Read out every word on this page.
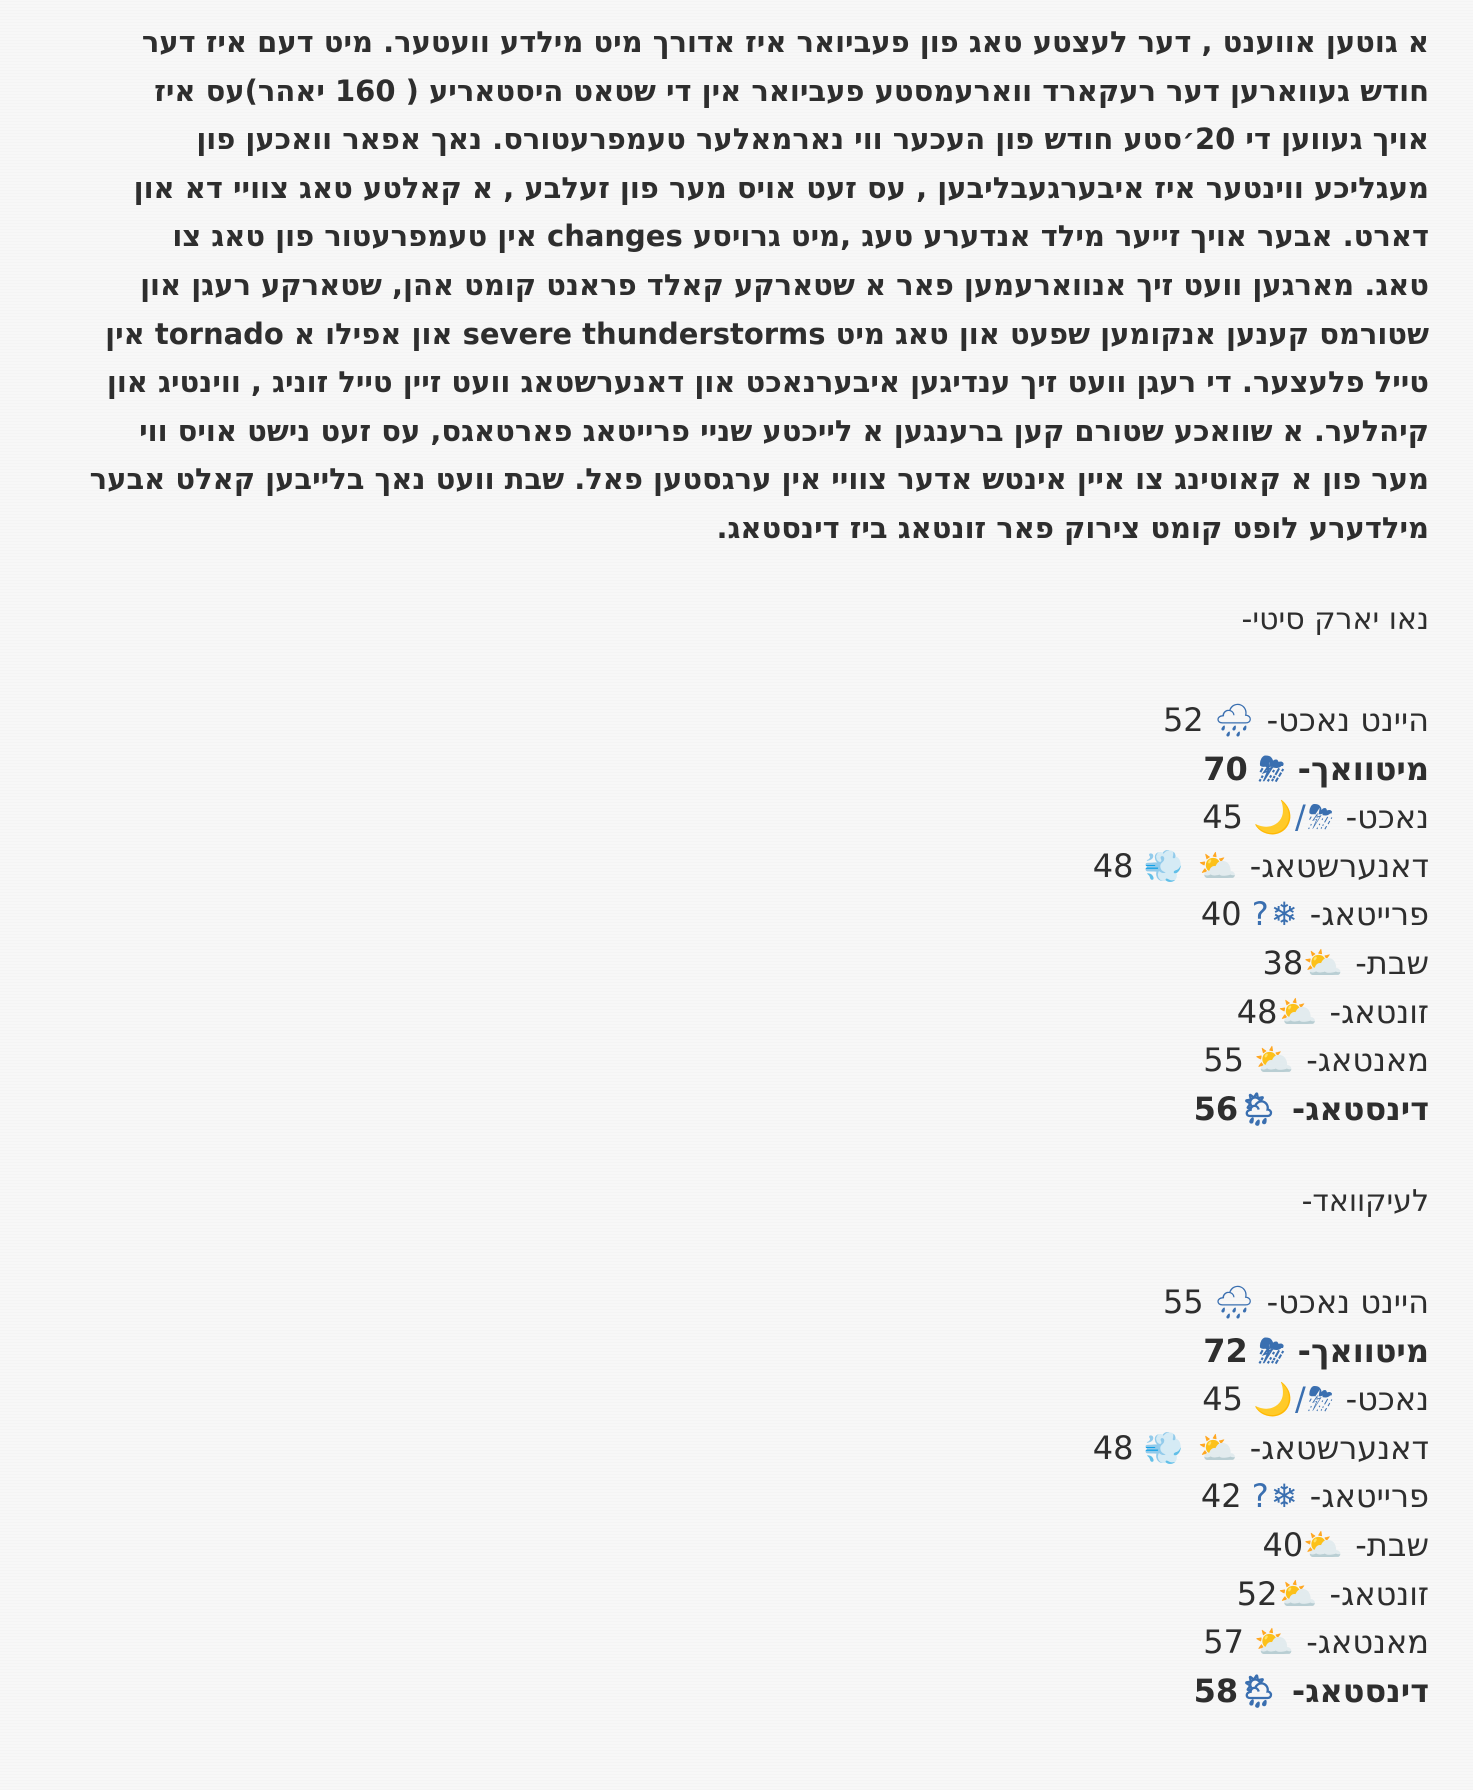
א גוטען אווענט , דער לעצטע טאג פון פעביואר איז אדורך מיט מילדע וועטער. מיט דעם איז דער
חודש געווארען דער רעקארד ווארעמסטע פעביואר אין די שטאט היסטאריע ( 160 יאהר)עס איז
אויך געווען די 20׳סטע חודש פון העכער ווי נארמאלער טעמפרעטורס. נאך אפאר וואכען פון
מעגליכע ווינטער איז איבערגעבליבען , עס זעט אויס מער פון זעלבע , א קאלטע טאג צוויי דא און
דארט. אבער אויך זייער מילד אנדערע טעג ,מיט גרויסע changes אין טעמפרעטור פון טאג צו
טאג. מארגען וועט זיך אנווארעמען פאר א שטארקע קאלד פראנט קומט אהן, שטארקע רעגן און
שטורמס קענען אנקומען שפעט און טאג מיט severe thunderstorms און אפילו א tornado אין
טייל פלעצער. די רעגן וועט זיך ענדיגען איבערנאכט און דאנערשטאג וועט זיין טייל זוניג , ווינטיג און
קיהלער. א שוואכע שטורם קען ברענגען א לייכטע שניי פרייטאג פארטאגס, עס זעט נישט אויס ווי
מער פון א קאוטינג צו איין אינטש אדער צוויי אין ערגסטען פאל. שבת וועט נאך בלייבען קאלט אבער
מילדערע לופט קומט צירוק פאר זונטאג ביז דינסטאג.
נאו יארק סיטי-
היינט נאכט- 🌧 52
מיטוואך- ⛈ 70
נאכט- ⛈/🌙 45
דאנערשטאג- ⛅ 💨 48
פרייטאג- ❄? 40
שבת- ⛅38
זונטאג- ⛅48
מאנטאג- ⛅ 55
דינסטאג- 🌦56
לעיקוואד-
היינט נאכט- 🌧 55
מיטוואך- ⛈ 72
נאכט- ⛈/🌙 45
דאנערשטאג- ⛅ 💨 48
פרייטאג- ❄? 42
שבת- ⛅40
זונטאג- ⛅52
מאנטאג- ⛅ 57
דינסטאג- 🌦58
